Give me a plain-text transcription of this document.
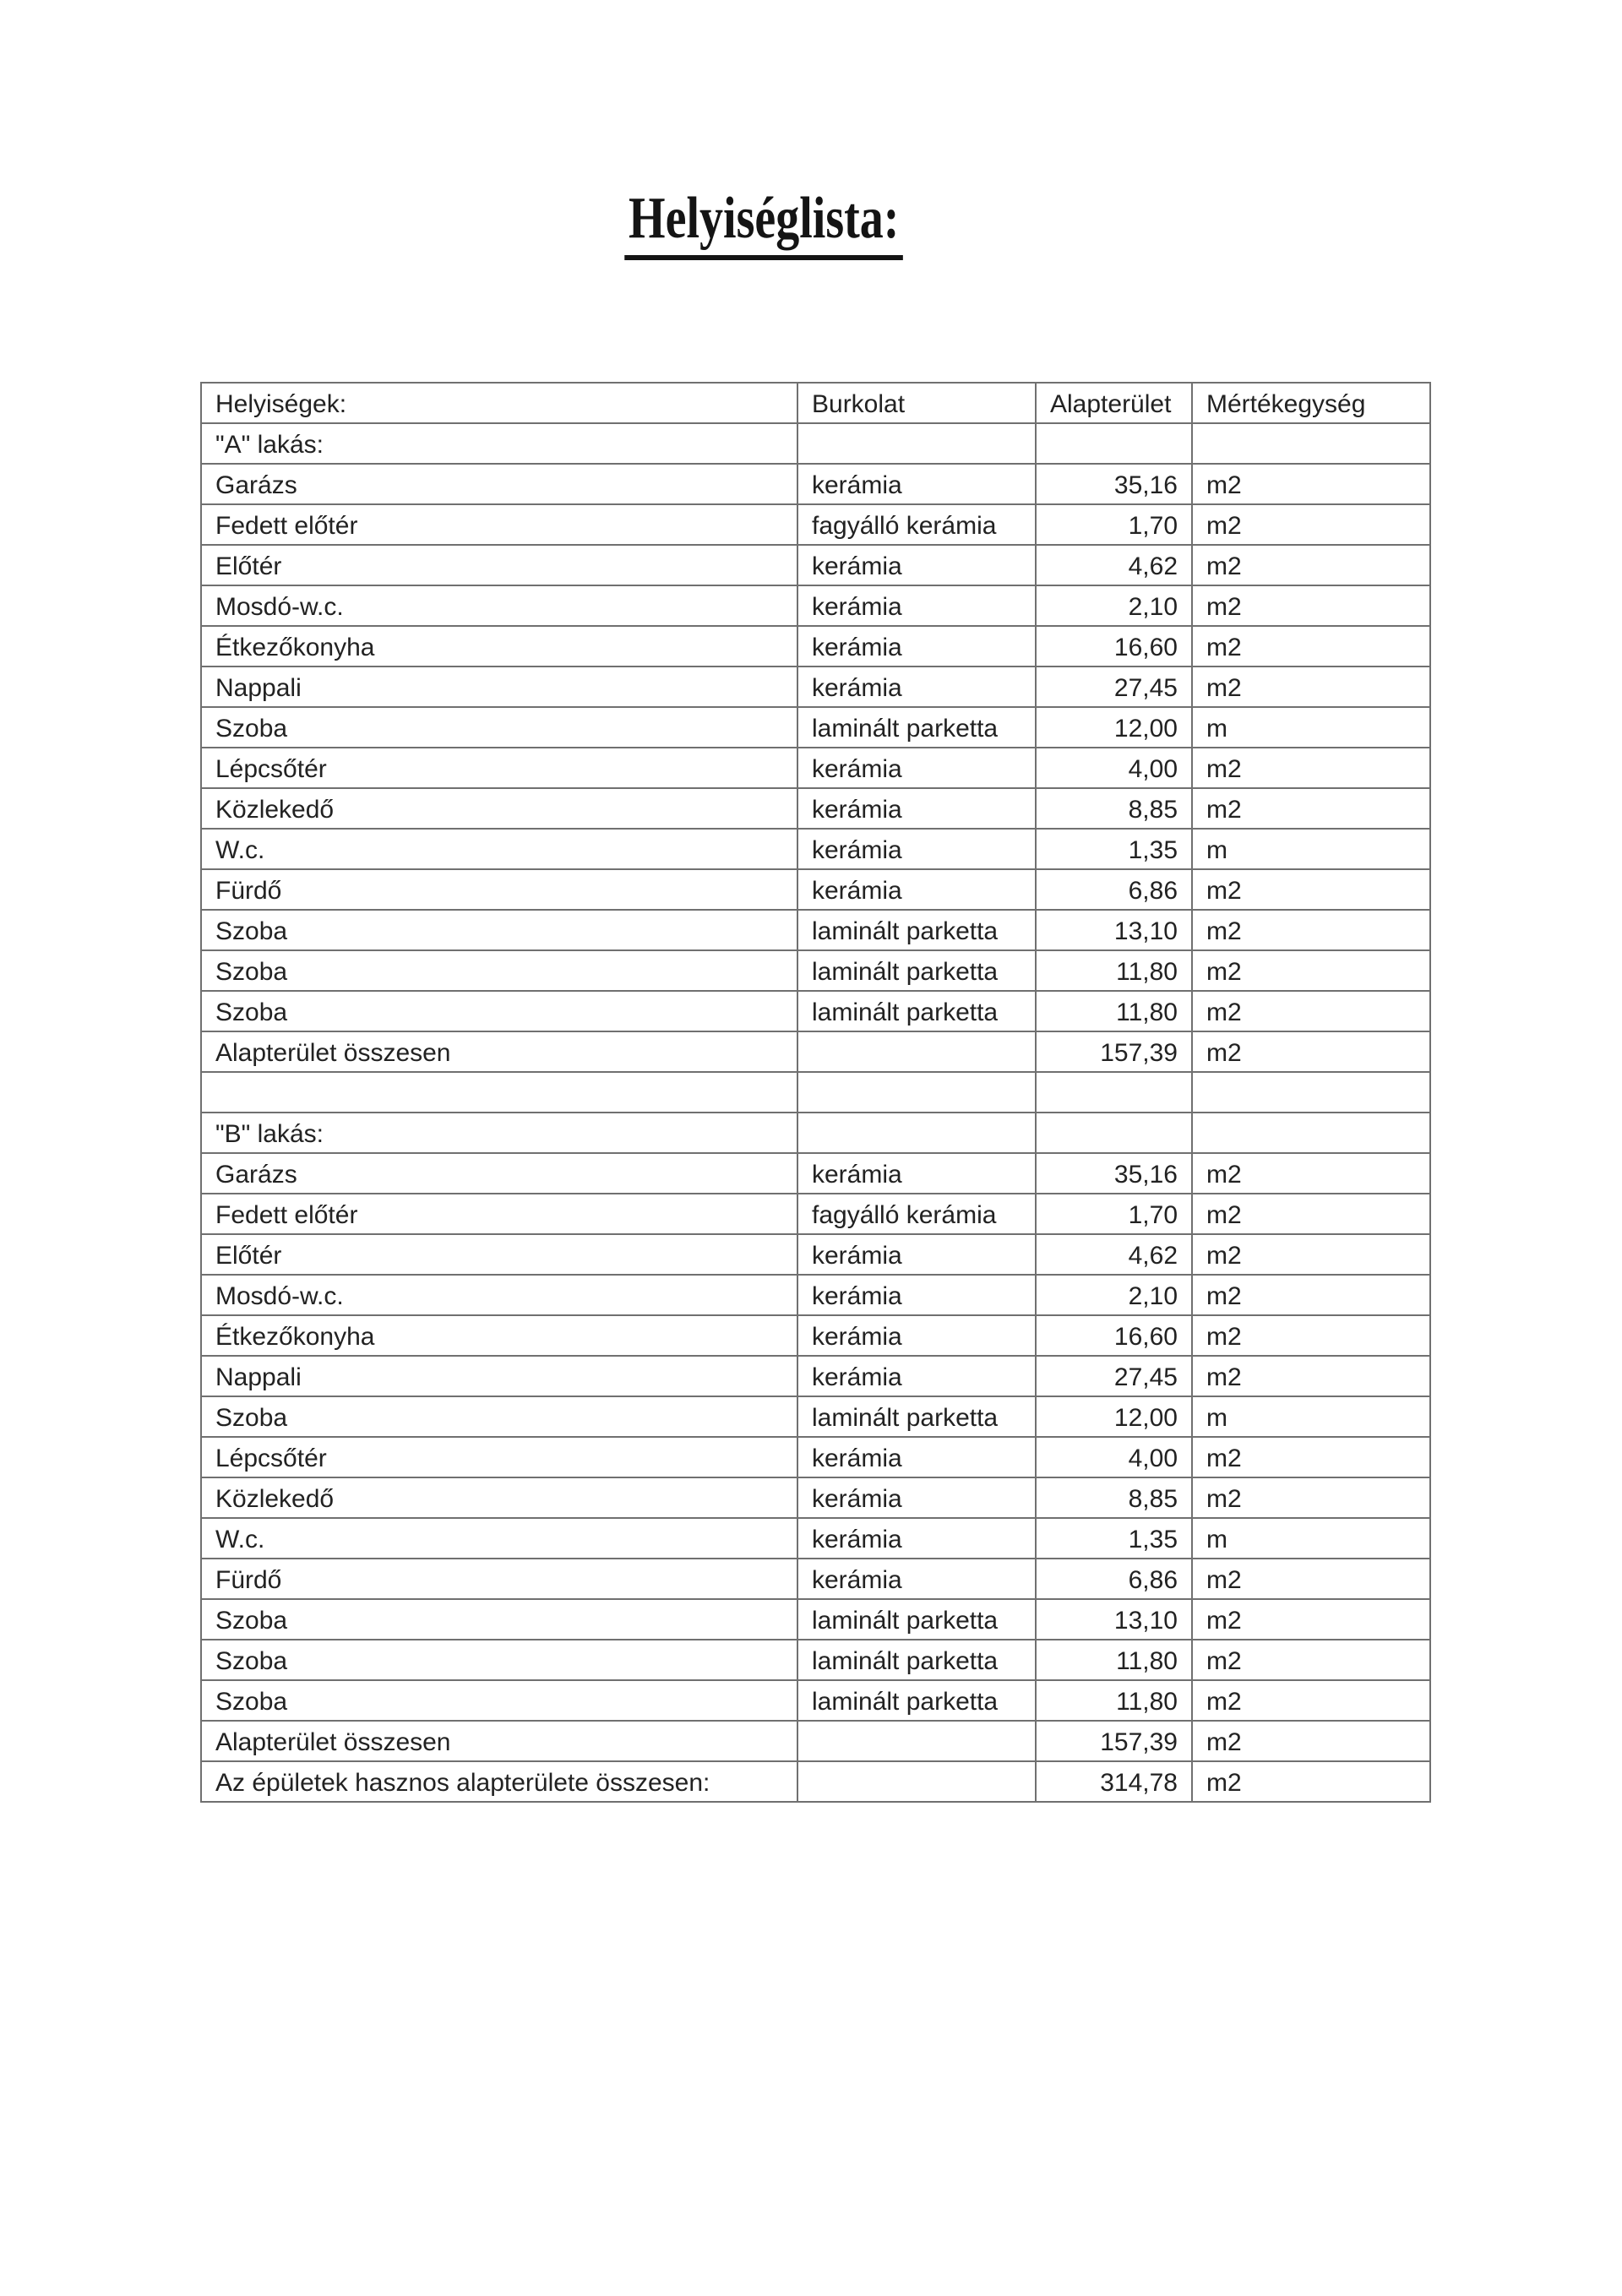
Helyiséglista:
Helyiségek:	Burkolat	Alapterület	Mértékegység
"A" lakás:			
Garázs	kerámia	35,16	m2
Fedett előtér	fagyálló kerámia	1,70	m2
Előtér	kerámia	4,62	m2
Mosdó-w.c.	kerámia	2,10	m2
Étkezőkonyha	kerámia	16,60	m2
Nappali	kerámia	27,45	m2
Szoba	laminált parketta	12,00	m
Lépcsőtér	kerámia	4,00	m2
Közlekedő	kerámia	8,85	m2
W.c.	kerámia	1,35	m
Fürdő	kerámia	6,86	m2
Szoba	laminált parketta	13,10	m2
Szoba	laminált parketta	11,80	m2
Szoba	laminált parketta	11,80	m2
Alapterület összesen		157,39	m2

"B" lakás:			
Garázs	kerámia	35,16	m2
Fedett előtér	fagyálló kerámia	1,70	m2
Előtér	kerámia	4,62	m2
Mosdó-w.c.	kerámia	2,10	m2
Étkezőkonyha	kerámia	16,60	m2
Nappali	kerámia	27,45	m2
Szoba	laminált parketta	12,00	m
Lépcsőtér	kerámia	4,00	m2
Közlekedő	kerámia	8,85	m2
W.c.	kerámia	1,35	m
Fürdő	kerámia	6,86	m2
Szoba	laminált parketta	13,10	m2
Szoba	laminált parketta	11,80	m2
Szoba	laminált parketta	11,80	m2
Alapterület összesen		157,39	m2
Az épületek hasznos alapterülete összesen:		314,78	m2
